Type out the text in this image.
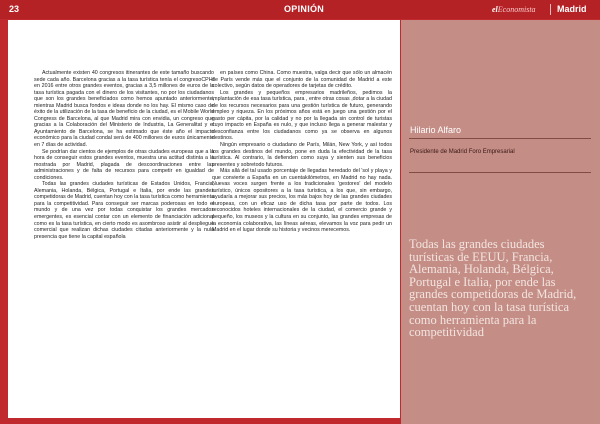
23	OPINIÓN	elEconomista Madrid

Actualmente existen 40 congresos itinerantes de este tamaño buscando sede cada año. Barcelona gracias a la tasa turística tenía el congresoCPHI en 2016 entre otros grandes eventos, gracias a 3,5 millones de euros de la tasa turística pagada con el dinero de los visitantes, no por los ciudadanos que son los grandes beneficiados como hemos apuntado anteriormente, mientras Madrid busca fondos e ideas donde no los hay. El mismo caso de éxito de la utilización de la tasa de beneficio de la ciudad, es el Mobile World Congress de Barcelona, al que Madrid mira con envidia, un congreso que gracias a la Colaboración del Ministerio de Industria, La Generalitat y el Ayuntamiento de Barcelona, se ha estimado que éste año el impacto económico para la ciudad condal será de 400 millones de euros únicamente en 7 días de actividad.

Se podrían dar cientos de ejemplos de otras ciudades europeas que a la hora de conseguir estos grandes eventos, muestra una actitud distinta a la mostrada por Madrid, plagada de descoordinaciones entre las administraciones y de falta de recursos para competir en igualdad de condiciones.

Todas las grandes ciudades turísticas de Estados Unidos, Francia, Alemania, Holanda, Bélgica, Portugal e Italia, por ende las grandes competidoras de Madrid, cuentan hoy con la tasa turística como herramienta para la competitividad. Para conseguir ser marcas poderosas en todo el mundo y de una vez por todas conquistar los grandes mercados emergentes, es esencial contar con un elemento de financiación adicional como es la tasa turística, en cierto modo es asombroso asistir al despliegue comercial que realizan dichas ciudades citadas anteriormente y la nula presencia que tiene la capital española

en países como China. Como muestra, valga decir que sólo un almacén de París vende más que el conjunto de la comunidad de Madrid a este colectivo, según datos de operadores de tarjetas de crédito.

Los grandes y pequeños empresarios madrileños, pedimos la implantación de esa tasa turística, para , entre otras cosas ,dotar a la ciudad de los recursos necesarios para una gestión turística de futuro, generando empleo y riqueza. En los próximos años está en juego una gestión por el gasto per cápita, por la calidad y no por la llegada sin control de turistas cuyo impacto en España es nulo, y que incluso llega a generar malestar y desconfianza entre los ciudadanos como ya se observa en algunos destinos.

Ningún empresario o ciudadano de París, Milán, New York, y así todos los grandes destinos del mundo, pone en duda la efectividad de la tasa turística. Al contrario, la defienden como suya y sienten sus beneficios presentes y sobretodo futuros.

Más allá del tal usado porcentaje de llegadas heredado del 'sol y playa y que convierte a España en un cuentakilómetros, en Madrid no hay nada. Nuevas voces surgen frente a los tradicionales 'gestores' del modelo turístico, únicos opositores a la tasa turística, a los que, sin embargo, ayudaría a mejorar sus precios, los más bajos hoy de las grandes ciudades europeas, con un eficaz uso de dicha tasa por parte de todos. Los reconocidos hoteles internacionales de la ciudad, el comercio grande y pequeño, los museos y la cultura en su conjunto, las grandes empresas de la economía colaborativa, las líneas aéreas, elevamos la voz para pedir un Madrid en el lugar donde su historia y vecinos merecemos.

Hilario Alfaro
Presidente de Madrid Foro Empresarial
Todas las grandes ciudades turísticas de EEUU, Francia, Alemania, Holanda, Bélgica, Portugal e Italia, por ende las grandes competidoras de Madrid, cuentan hoy con la tasa turística como herramienta para la competitividad
